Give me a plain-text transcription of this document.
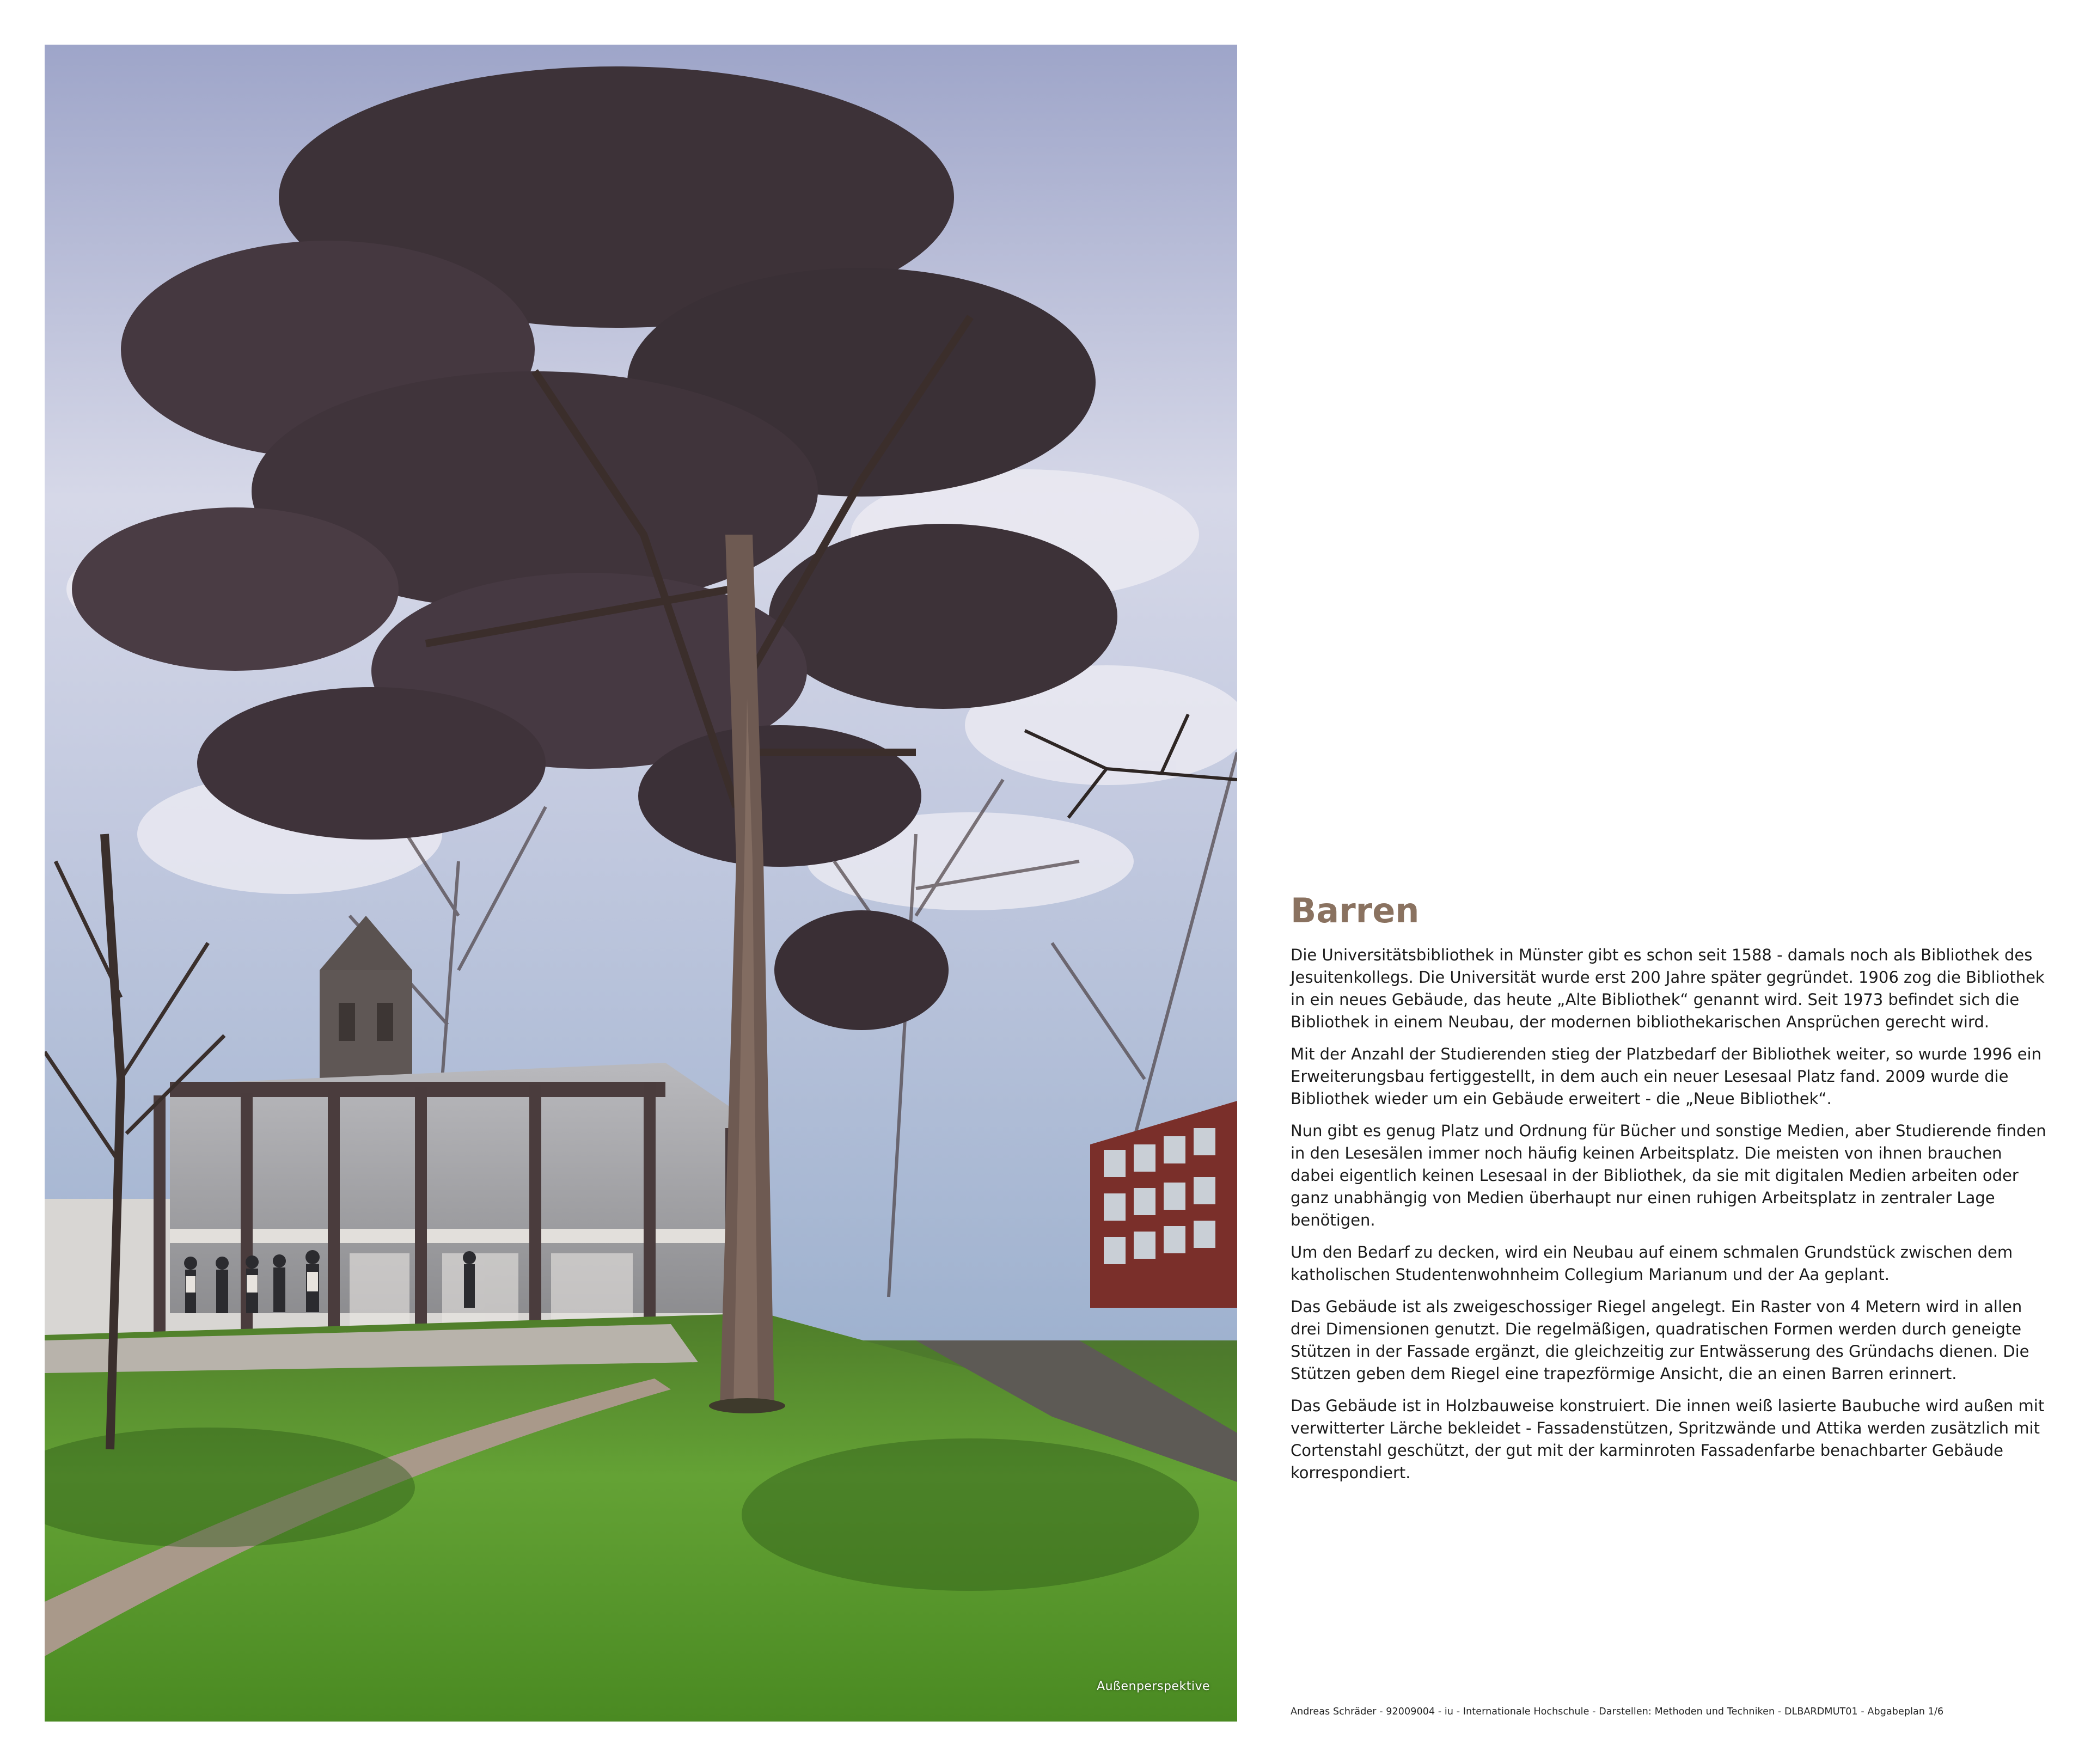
Außenperspektive
Barren

Die Universitätsbibliothek in Münster gibt es schon seit 1588 - damals noch als Bibliothek des Jesuitenkollegs. Die Universität wurde erst 200 Jahre später gegründet. 1906 zog die Bibliothek in ein neues Gebäude, das heute „Alte Bibliothek“ genannt wird. Seit 1973 befindet sich die Bibliothek in einem Neubau, der modernen bibliothekarischen Ansprüchen gerecht wird.

Mit der Anzahl der Studierenden stieg der Platzbedarf der Bibliothek weiter, so wurde 1996 ein Erweiterungsbau fertiggestellt, in dem auch ein neuer Lesesaal Platz fand. 2009 wurde die Bibliothek wieder um ein Gebäude erweitert - die „Neue Bibliothek“.

Nun gibt es genug Platz und Ordnung für Bücher und sonstige Medien, aber Studierende finden in den Lesesälen immer noch häufig keinen Arbeitsplatz. Die meisten von ihnen brauchen dabei eigentlich keinen Lesesaal in der Bibliothek, da sie mit digitalen Medien arbeiten oder ganz unabhängig von Medien überhaupt nur einen ruhigen Arbeitsplatz in zentraler Lage benötigen.

Um den Bedarf zu decken, wird ein Neubau auf einem schmalen Grundstück zwischen dem katholischen Studentenwohnheim Collegium Marianum und der Aa geplant.

Das Gebäude ist als zweigeschossiger Riegel angelegt. Ein Raster von 4 Metern wird in allen drei Dimensionen genutzt. Die regelmäßigen, quadratischen Formen werden durch geneigte Stützen in der Fassade ergänzt, die gleichzeitig zur Entwässerung des Gründachs dienen. Die Stützen geben dem Riegel eine trapezförmige Ansicht, die an einen Barren erinnert.

Das Gebäude ist in Holzbauweise konstruiert. Die innen weiß lasierte Baubuche wird außen mit verwitterter Lärche bekleidet - Fassadenstützen, Spritzwände und Attika werden zusätzlich mit Cortenstahl geschützt, der gut mit der karminroten Fassadenfarbe benachbarter Gebäude korrespondiert.

Andreas Schräder - 92009004 - iu - Internationale Hochschule - Darstellen: Methoden und Techniken - DLBARDMUT01 - Abgabeplan 1/6
